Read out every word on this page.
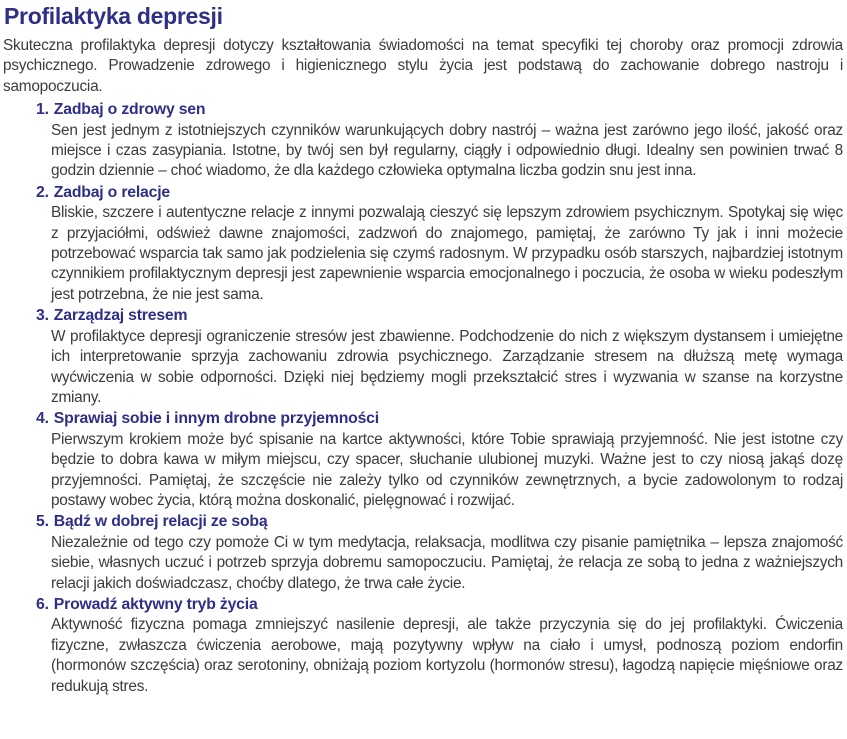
Profilaktyka depresji

Skuteczna profilaktyka depresji dotyczy kształtowania świadomości na temat specyfiki tej choroby oraz promocji zdrowia psychicznego. Prowadzenie zdrowego i higienicznego stylu życia jest podstawą do zachowanie dobrego nastroju i samopoczucia.

1. Zadbaj o zdrowy sen

Sen jest jednym z istotniejszych czynników warunkujących dobry nastrój – ważna jest zarówno jego ilość, jakość oraz miejsce i czas zasypiania. Istotne, by twój sen był regularny, ciągły i odpowiednio długi. Idealny sen powinien trwać 8 godzin dziennie – choć wiadomo, że dla każdego człowieka optymalna liczba godzin snu jest inna.

2. Zadbaj o relacje

Bliskie, szczere i autentyczne relacje z innymi pozwalają cieszyć się lepszym zdrowiem psychicznym. Spotykaj się więc z przyjaciółmi, odśwież dawne znajomości, zadzwoń do znajomego, pamiętaj, że zarówno Ty jak i inni możecie potrzebować wsparcia tak samo jak podzielenia się czymś radosnym. W przypadku osób starszych, najbardziej istotnym czynnikiem profilaktycznym depresji jest zapewnienie wsparcia emocjonalnego i poczucia, że osoba w wieku podeszłym jest potrzebna, że nie jest sama.

3. Zarządzaj stresem

W profilaktyce depresji ograniczenie stresów jest zbawienne. Podchodzenie do nich z większym dystansem i umiejętne ich interpretowanie sprzyja zachowaniu zdrowia psychicznego. Zarządzanie stresem na dłuższą metę wymaga wyćwiczenia w sobie odporności. Dzięki niej będziemy mogli przekształcić stres i wyzwania w szanse na korzystne zmiany.

4. Sprawiaj sobie i innym drobne przyjemności

Pierwszym krokiem może być spisanie na kartce aktywności, które Tobie sprawiają przyjemność. Nie jest istotne czy będzie to dobra kawa w miłym miejscu, czy spacer, słuchanie ulubionej muzyki. Ważne jest to czy niosą jakąś dozę przyjemności. Pamiętaj, że szczęście nie zależy tylko od czynników zewnętrznych, a bycie zadowolonym to rodzaj postawy wobec życia, którą można doskonalić, pielęgnować i rozwijać.

5. Bądź w dobrej relacji ze sobą

Niezależnie od tego czy pomoże Ci w tym medytacja, relaksacja, modlitwa czy pisanie pamiętnika – lepsza znajomość siebie, własnych uczuć i potrzeb sprzyja dobremu samopoczuciu. Pamiętaj, że relacja ze sobą to jedna z ważniejszych relacji jakich doświadczasz, choćby dlatego, że trwa całe życie.

6. Prowadź aktywny tryb życia

Aktywność fizyczna pomaga zmniejszyć nasilenie depresji, ale także przyczynia się do jej profilaktyki. Ćwiczenia fizyczne, zwłaszcza ćwiczenia aerobowe, mają pozytywny wpływ na ciało i umysł, podnoszą poziom endorfin (hormonów szczęścia) oraz serotoniny, obniżają poziom kortyzolu (hormonów stresu), łagodzą napięcie mięśniowe oraz redukują stres.
